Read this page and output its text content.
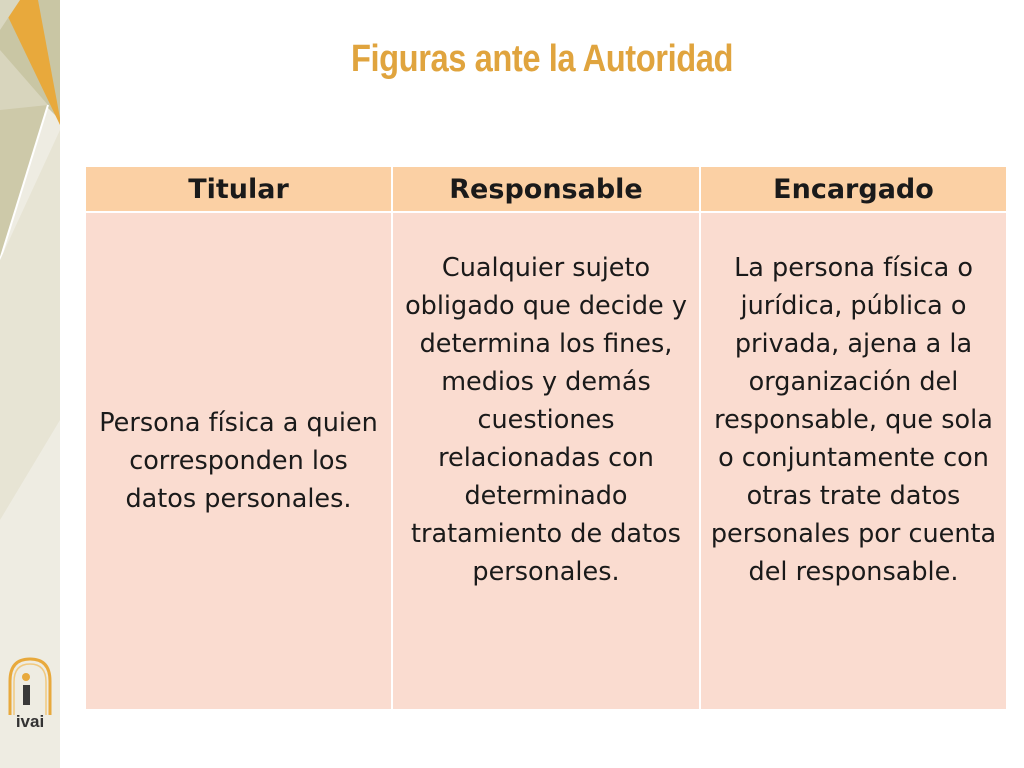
Figuras ante la Autoridad
Titular	Responsable	Encargado
Persona física a quien corresponden los datos personales.	Cualquier sujeto obligado que decide y determina los fines, medios y demás cuestiones relacionadas con determinado tratamiento de datos personales.	La persona física o jurídica, pública o privada, ajena a la organización del responsable, que sola o conjuntamente con otras trate datos personales por cuenta del responsable.
ivai
